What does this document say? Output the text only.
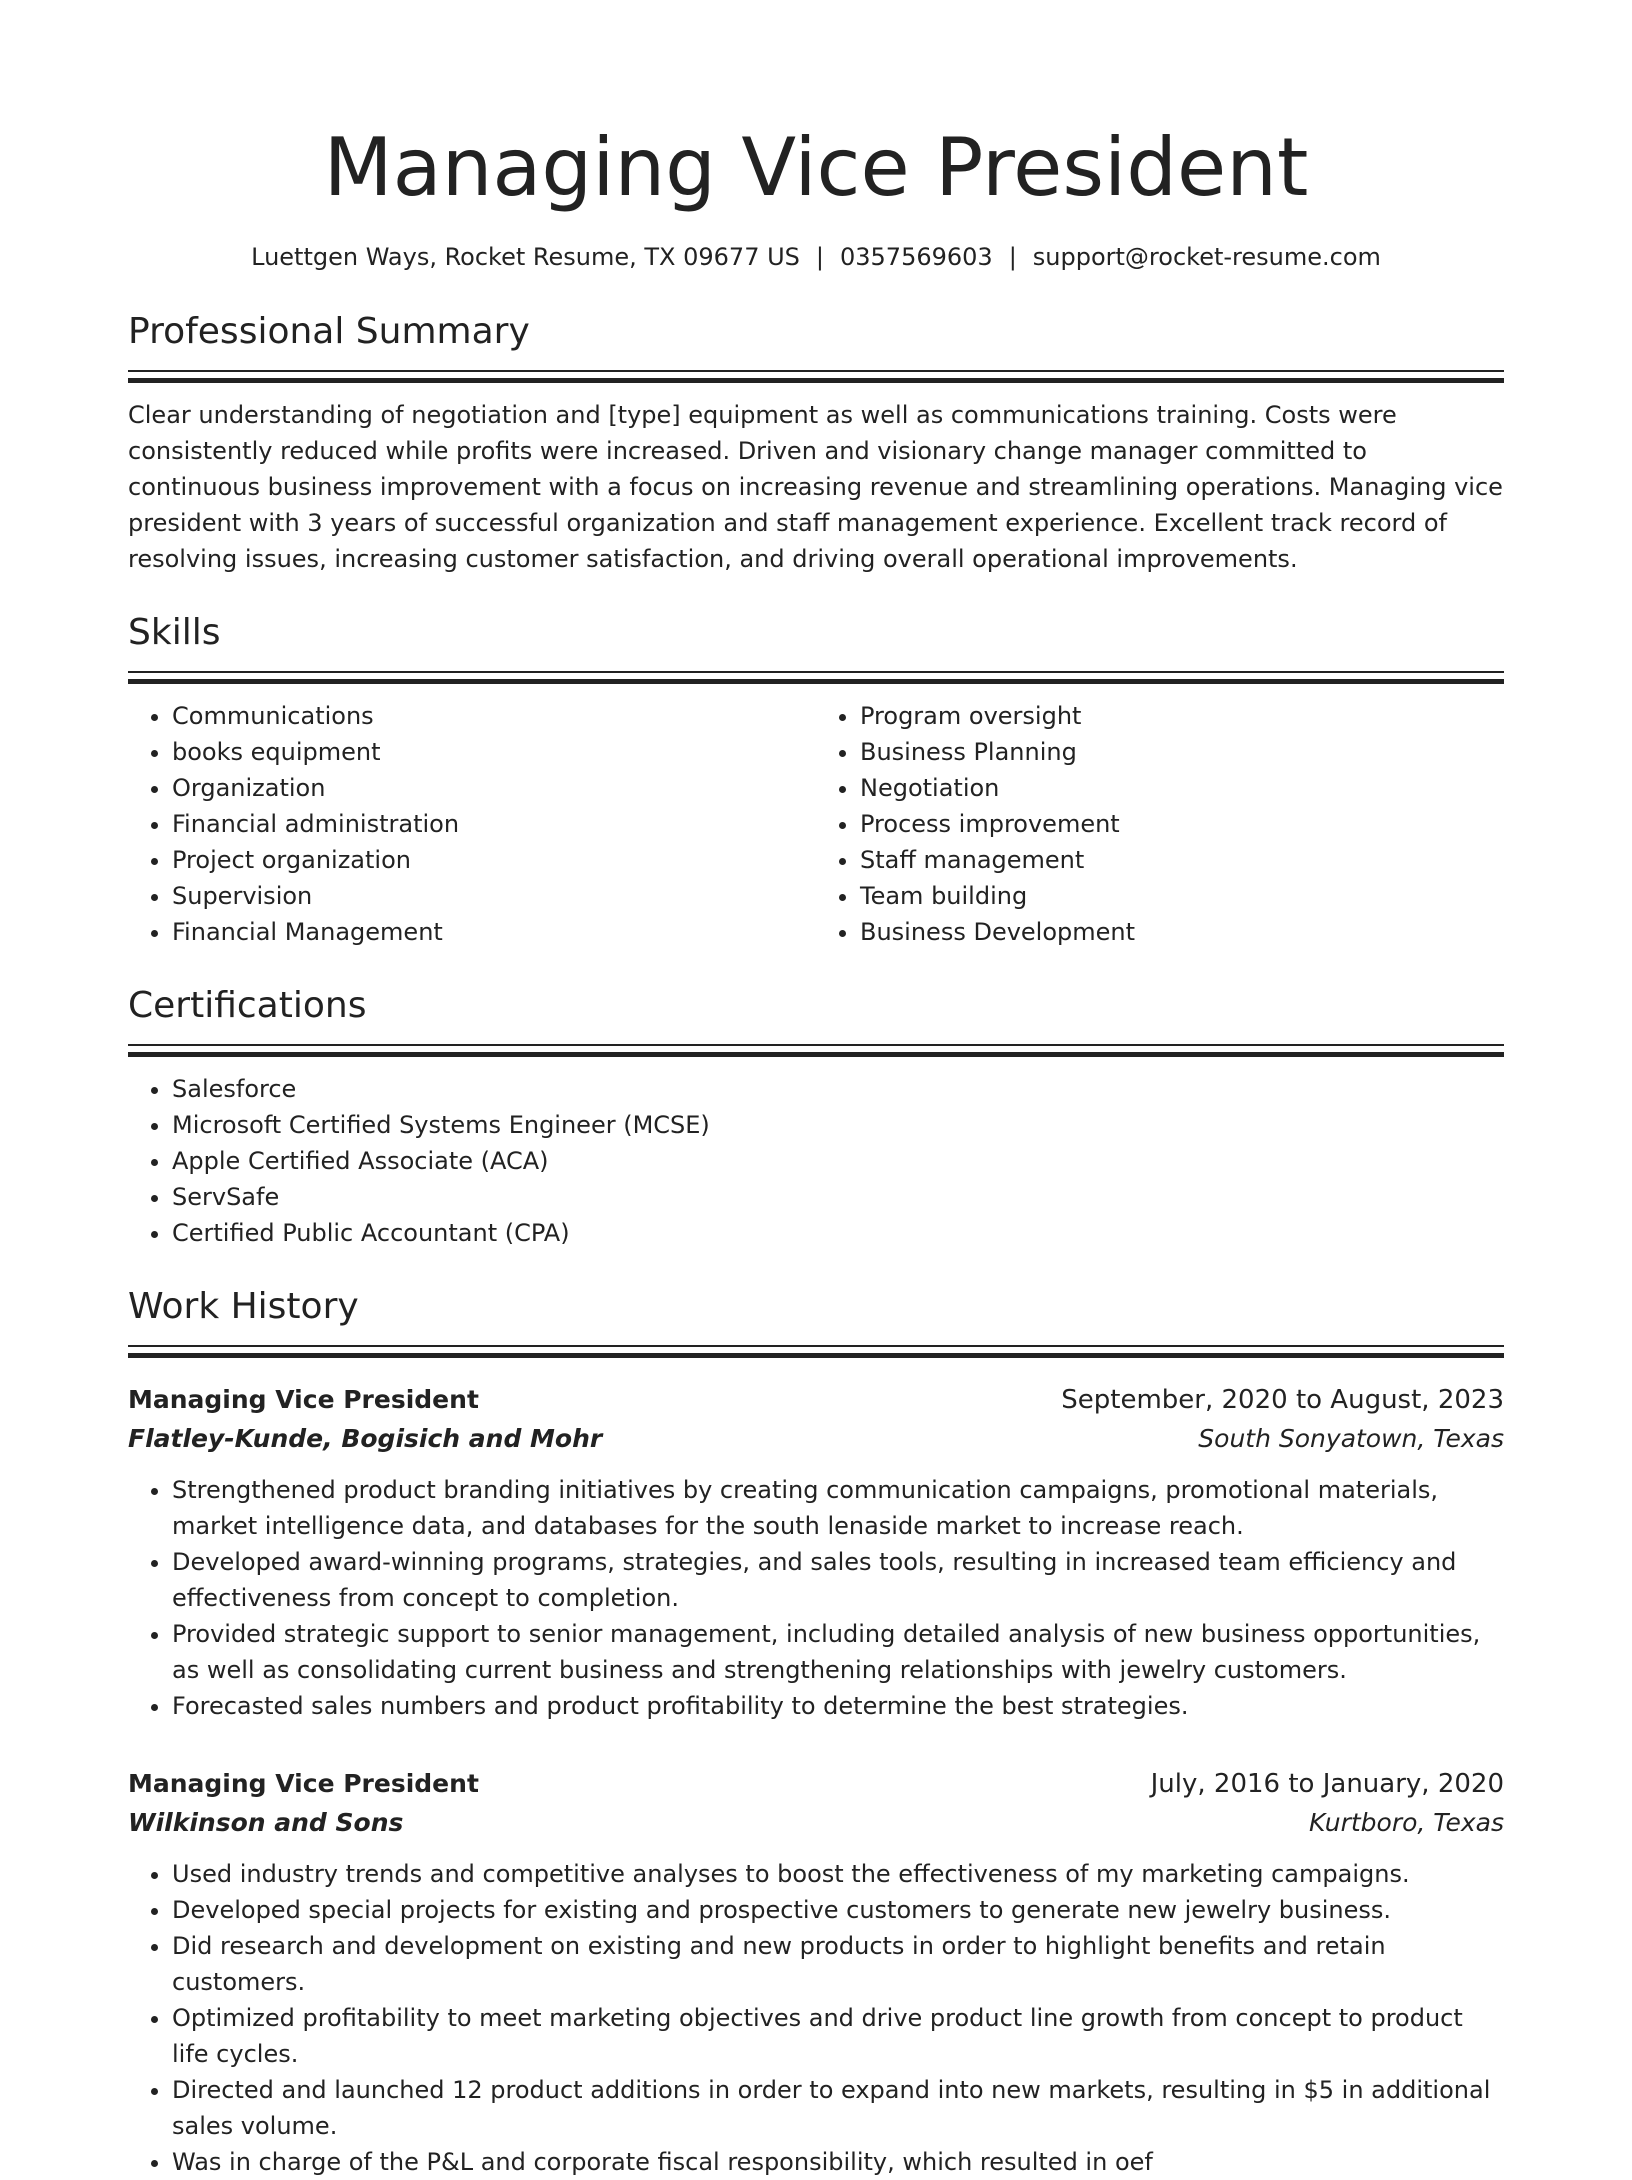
Managing Vice President
Luettgen Ways, Rocket Resume, TX 09677 US | 0357569603 | support@rocket-resume.com
Professional Summary

Clear understanding of negotiation and [type] equipment as well as communications training. Costs were consistently reduced while profits were increased. Driven and visionary change manager committed to continuous business improvement with a focus on increasing revenue and streamlining operations. Managing vice president with 3 years of successful organization and staff management experience. Excellent track record of resolving issues, increasing customer satisfaction, and driving overall operational improvements.

Skills
• Communications
• books equipment
• Organization
• Financial administration
• Project organization
• Supervision
• Financial Management
• Program oversight
• Business Planning
• Negotiation
• Process improvement
• Staff management
• Team building
• Business Development
Certifications
• Salesforce
• Microsoft Certified Systems Engineer (MCSE)
• Apple Certified Associate (ACA)
• ServSafe
• Certified Public Accountant (CPA)
Work History
Managing Vice President	September, 2020 to August, 2023
Flatley-Kunde, Bogisich and Mohr	South Sonyatown, Texas
• Strengthened product branding initiatives by creating communication campaigns, promotional materials, market intelligence data, and databases for the south lenaside market to increase reach.
• Developed award-winning programs, strategies, and sales tools, resulting in increased team efficiency and effectiveness from concept to completion.
• Provided strategic support to senior management, including detailed analysis of new business opportunities, as well as consolidating current business and strengthening relationships with jewelry customers.
• Forecasted sales numbers and product profitability to determine the best strategies.
Managing Vice President	July, 2016 to January, 2020
Wilkinson and Sons	Kurtboro, Texas
• Used industry trends and competitive analyses to boost the effectiveness of my marketing campaigns.
• Developed special projects for existing and prospective customers to generate new jewelry business.
• Did research and development on existing and new products in order to highlight benefits and retain customers.
• Optimized profitability to meet marketing objectives and drive product line growth from concept to product life cycles.
• Directed and launched 12 product additions in order to expand into new markets, resulting in $5 in additional sales volume.
• Was in charge of the P&L and corporate fiscal responsibility, which resulted in oef
